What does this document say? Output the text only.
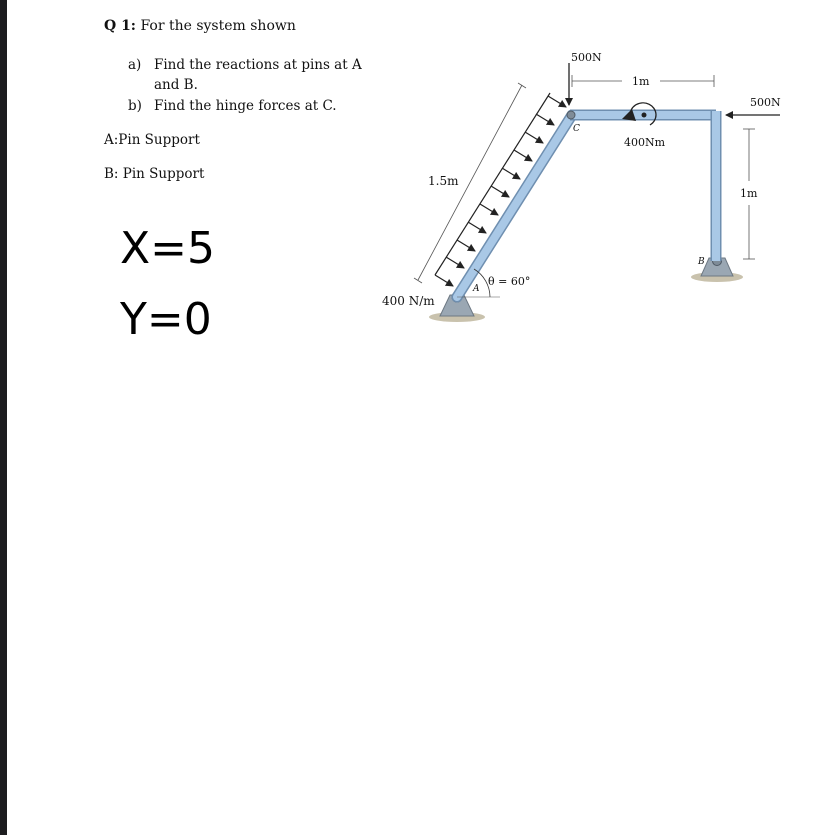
Q 1: For the system shown
a) Find the reactions at pins at A
and B.
b) Find the hinge forces at C.
A:Pin Support
B: Pin Support
X=5
Y=0
1.5m
θ = 60°
400 N/m
A
B
C
500N
1m
400Nm
500N
1m
